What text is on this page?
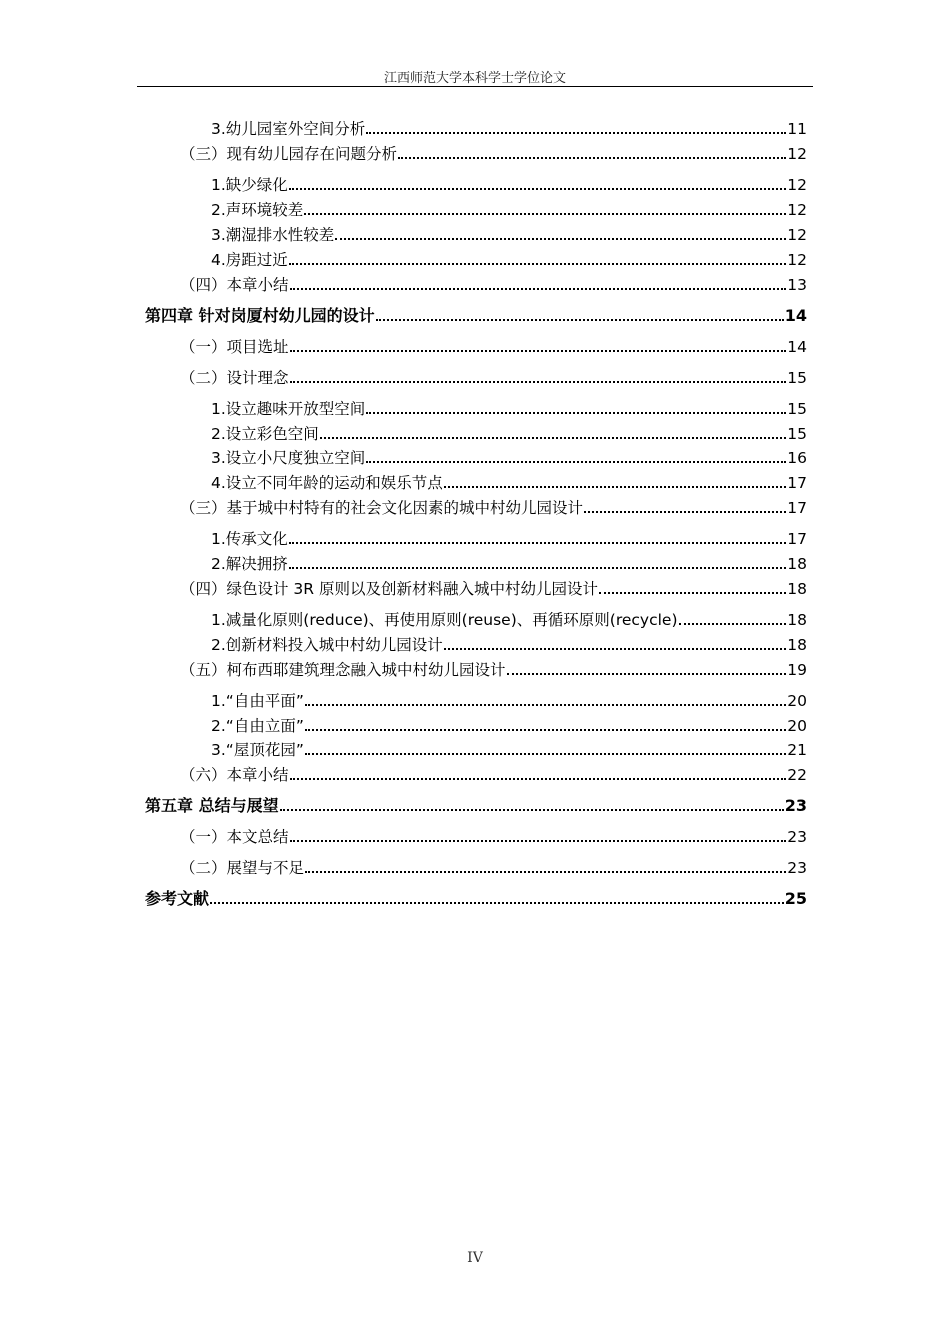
江西师范大学本科学士学位论文
3.幼儿园室外空间分析	11
（三）现有幼儿园存在问题分析	12
1.缺少绿化	12
2.声环境较差	12
3.潮湿排水性较差	12
4.房距过近	12
（四）本章小结	13
第四章 针对岗厦村幼儿园的设计	14
（一）项目选址	14
（二）设计理念	15
1.设立趣味开放型空间	15
2.设立彩色空间	15
3.设立小尺度独立空间	16
4.设立不同年龄的运动和娱乐节点	17
（三）基于城中村特有的社会文化因素的城中村幼儿园设计	17
1.传承文化	17
2.解决拥挤	18
（四）绿色设计 3R 原则以及创新材料融入城中村幼儿园设计	18
1.减量化原则(reduce)、再使用原则(reuse)、再循环原则(recycle)	18
2.创新材料投入城中村幼儿园设计	18
（五）柯布西耶建筑理念融入城中村幼儿园设计	19
1.“自由平面”	20
2.“自由立面”	20
3.“屋顶花园”	21
（六）本章小结	22
第五章 总结与展望	23
（一）本文总结	23
（二）展望与不足	23
参考文献	25
IV
